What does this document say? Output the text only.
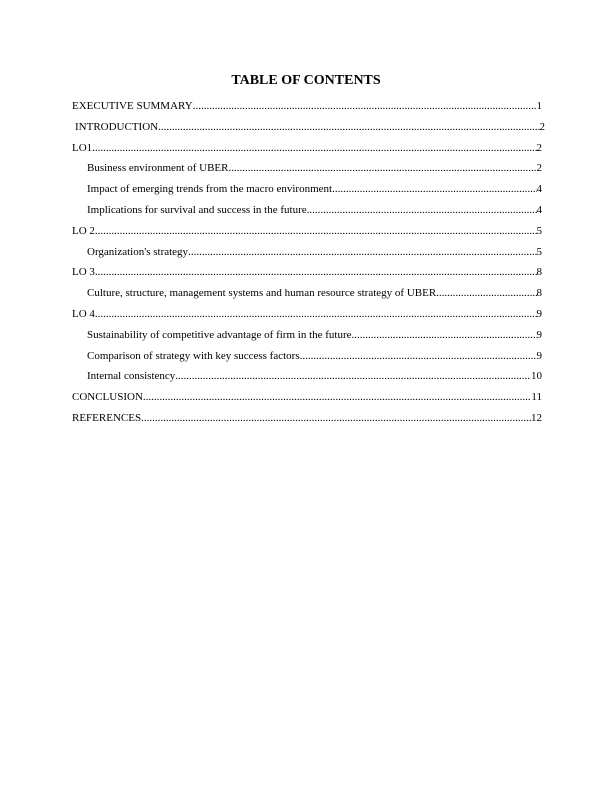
TABLE OF CONTENTS
EXECUTIVE SUMMARY .....	1
INTRODUCTION .....	2
LO1 .....	2
Business environment of UBER .....	2
Impact of emerging trends from the macro environment .....	4
Implications for survival and success in the future .....	4
LO 2 .....	5
Organization's strategy .....	5
LO 3 .....	8
Culture, structure, management systems and human resource strategy of UBER .....	8
LO 4 .....	9
Sustainability of competitive advantage of firm in the future .....	9
Comparison of strategy with key success factors .....	9
Internal consistency .....	10
CONCLUSION .....	11
REFERENCES .....	12
